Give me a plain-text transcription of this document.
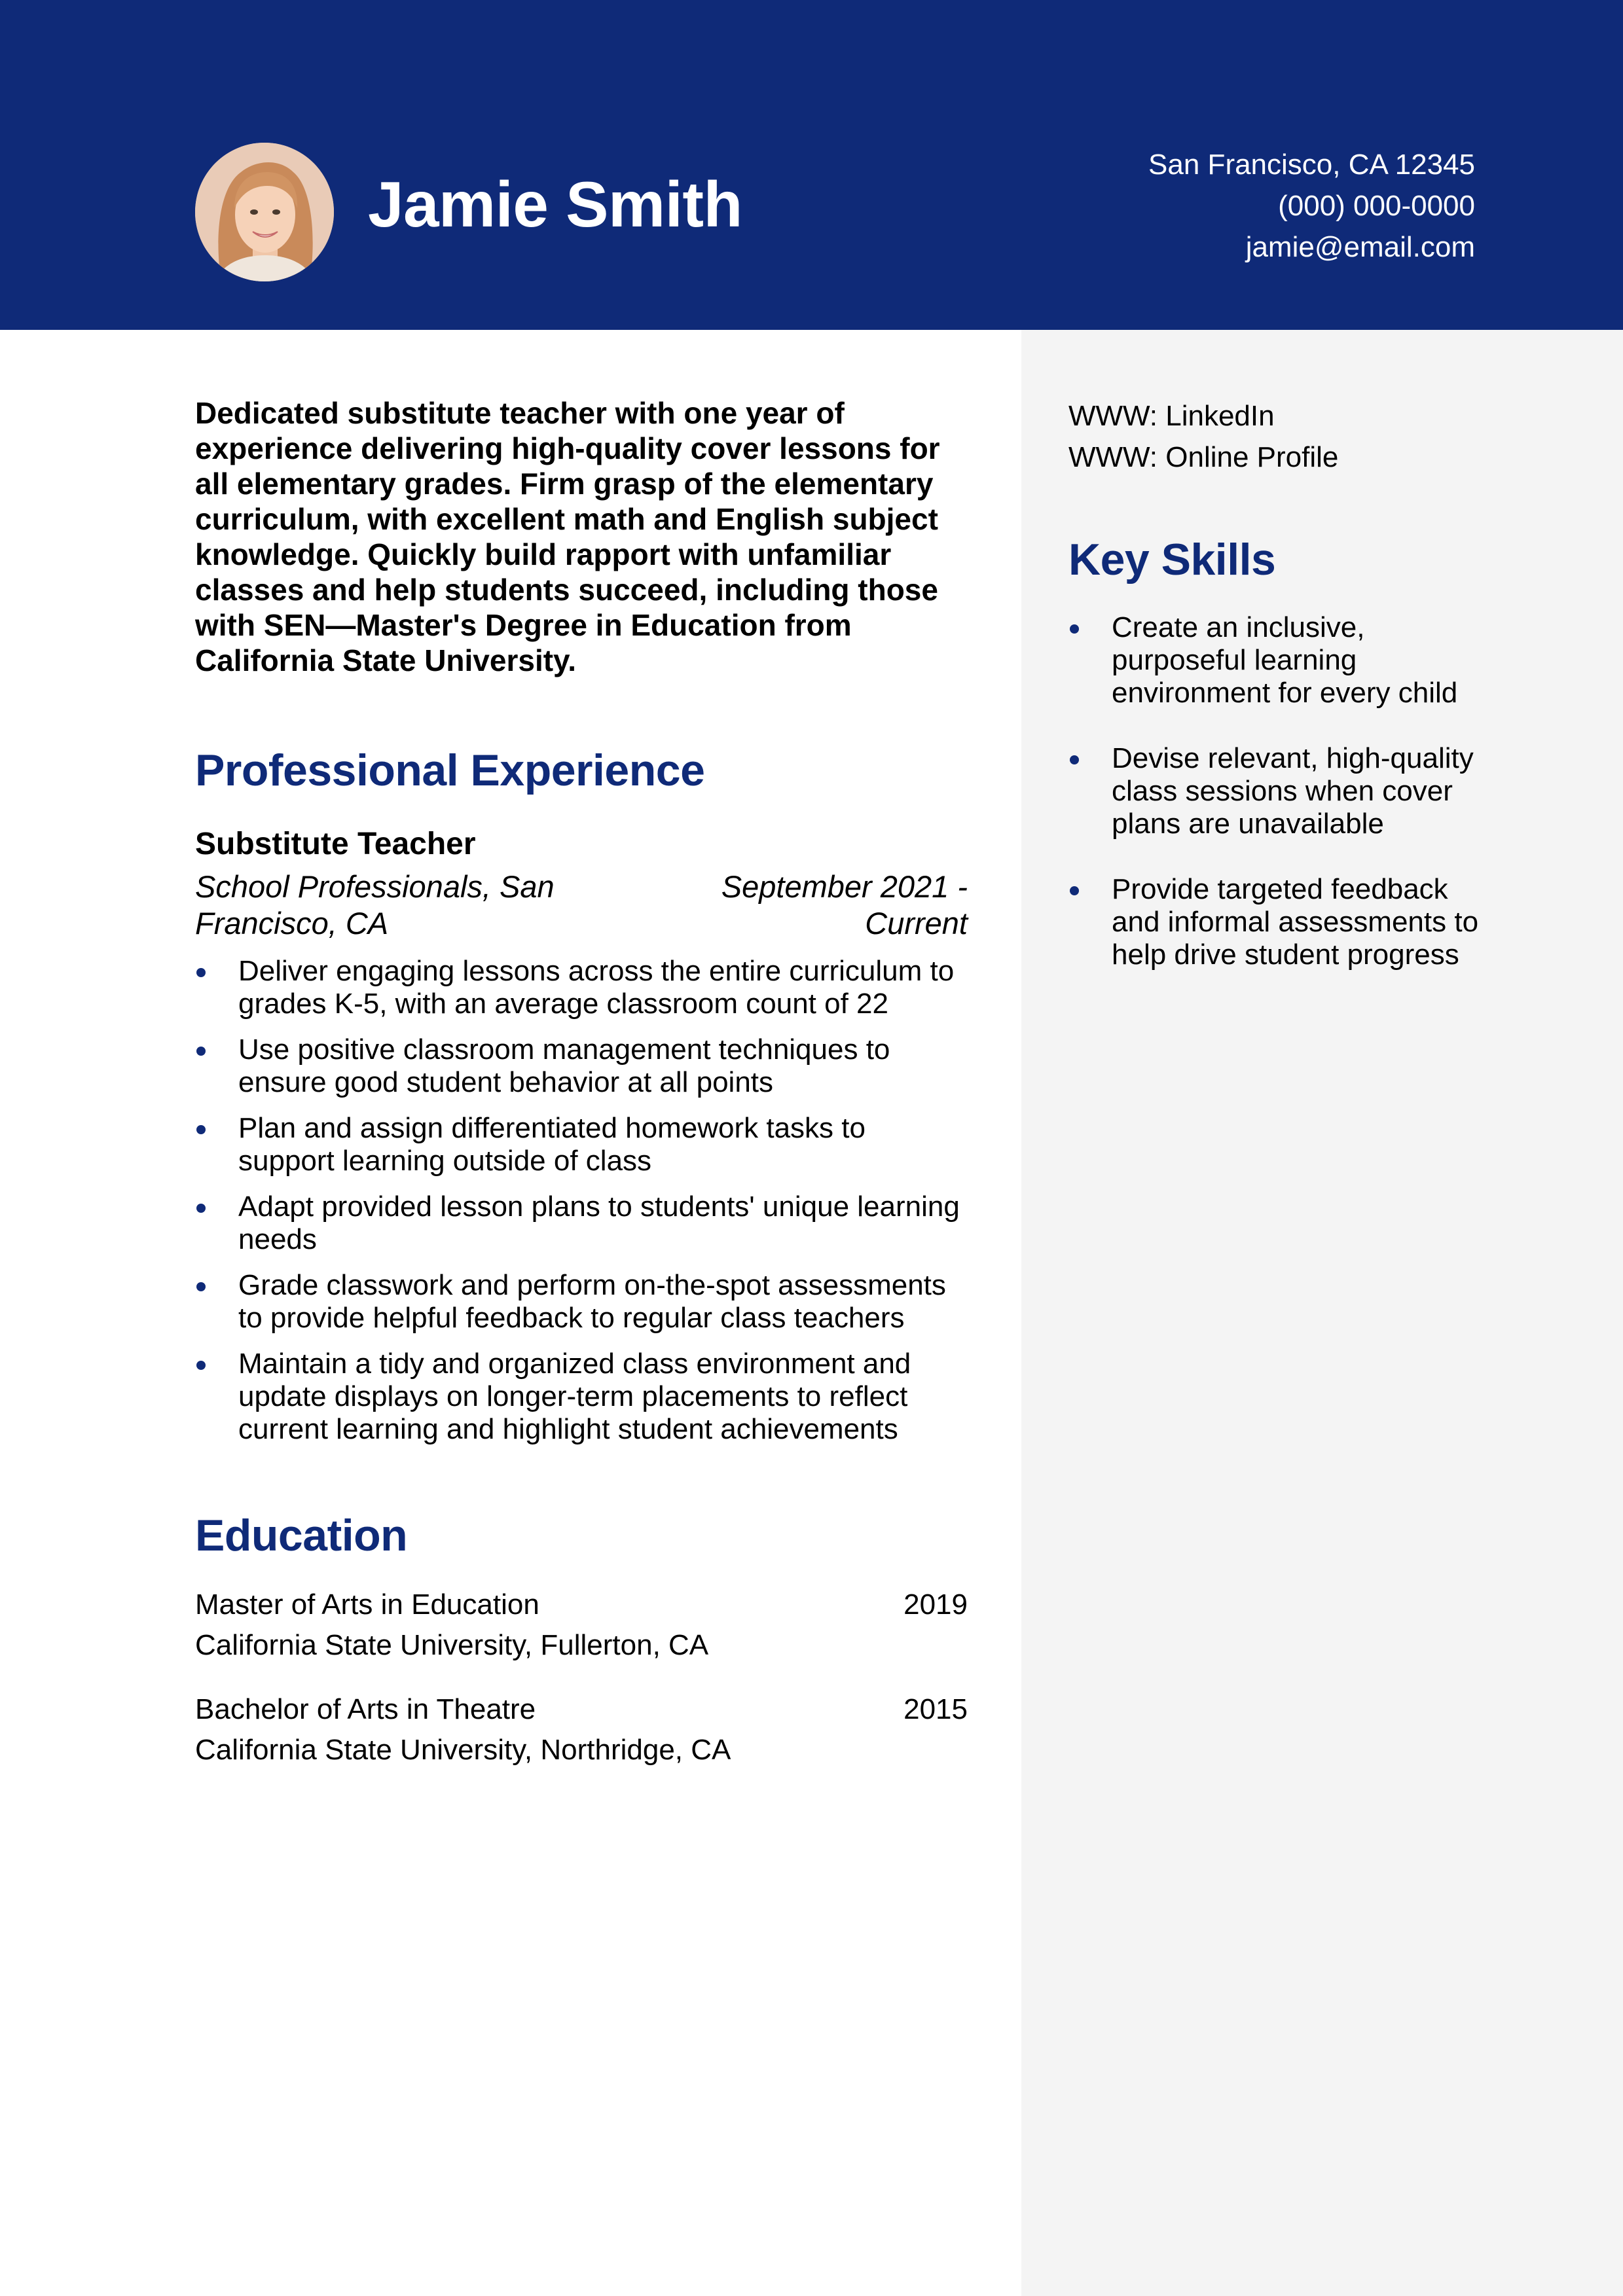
Jamie Smith
San Francisco, CA 12345
(000) 000-0000
jamie@email.com

Dedicated substitute teacher with one year of experience delivering high-quality cover lessons for all elementary grades. Firm grasp of the elementary curriculum, with excellent math and English subject knowledge. Quickly build rapport with unfamiliar classes and help students succeed, including those with SEN—Master's Degree in Education from California State University.

Professional Experience
Substitute Teacher
School Professionals, San Francisco, CA
September 2021 - Current
Deliver engaging lessons across the entire curriculum to grades K-5, with an average classroom count of 22
Use positive classroom management techniques to ensure good student behavior at all points
Plan and assign differentiated homework tasks to support learning outside of class
Adapt provided lesson plans to students' unique learning needs
Grade classwork and perform on-the-spot assessments to provide helpful feedback to regular class teachers
Maintain a tidy and organized class environment and update displays on longer-term placements to reflect current learning and highlight student achievements
Education
Master of Arts in Education	2019
California State University, Fullerton, CA
Bachelor of Arts in Theatre	2015
California State University, Northridge, CA
WWW: LinkedIn
WWW: Online Profile
Key Skills
Create an inclusive, purposeful learning environment for every child
Devise relevant, high-quality class sessions when cover plans are unavailable
Provide targeted feedback and informal assessments to help drive student progress
